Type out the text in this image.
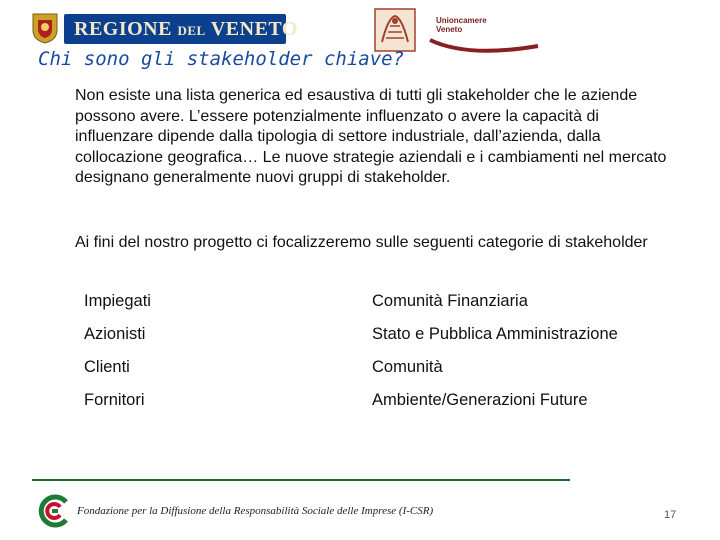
REGIONE DEL VENETO	Unioncamere
Veneto
Chi sono gli stakeholder chiave?
Non esiste una lista generica ed esaustiva di tutti gli stakeholder che le aziende possono avere. L’essere potenzialmente influenzato o avere la capacità di influenzare dipende dalla tipologia di settore industriale, dall’azienda, dalla collocazione geografica… Le nuove strategie aziendali e i cambiamenti nel mercato designano generalmente nuovi gruppi di stakeholder.
Ai fini del nostro progetto ci focalizzeremo sulle seguenti categorie di stakeholder
Impiegati
Azionisti
Clienti
Fornitori
Comunità Finanziaria
Stato e Pubblica Amministrazione
Comunità
Ambiente/Generazioni Future
Fondazione per la Diffusione della Responsabilità Sociale delle Imprese (I-CSR)	17
